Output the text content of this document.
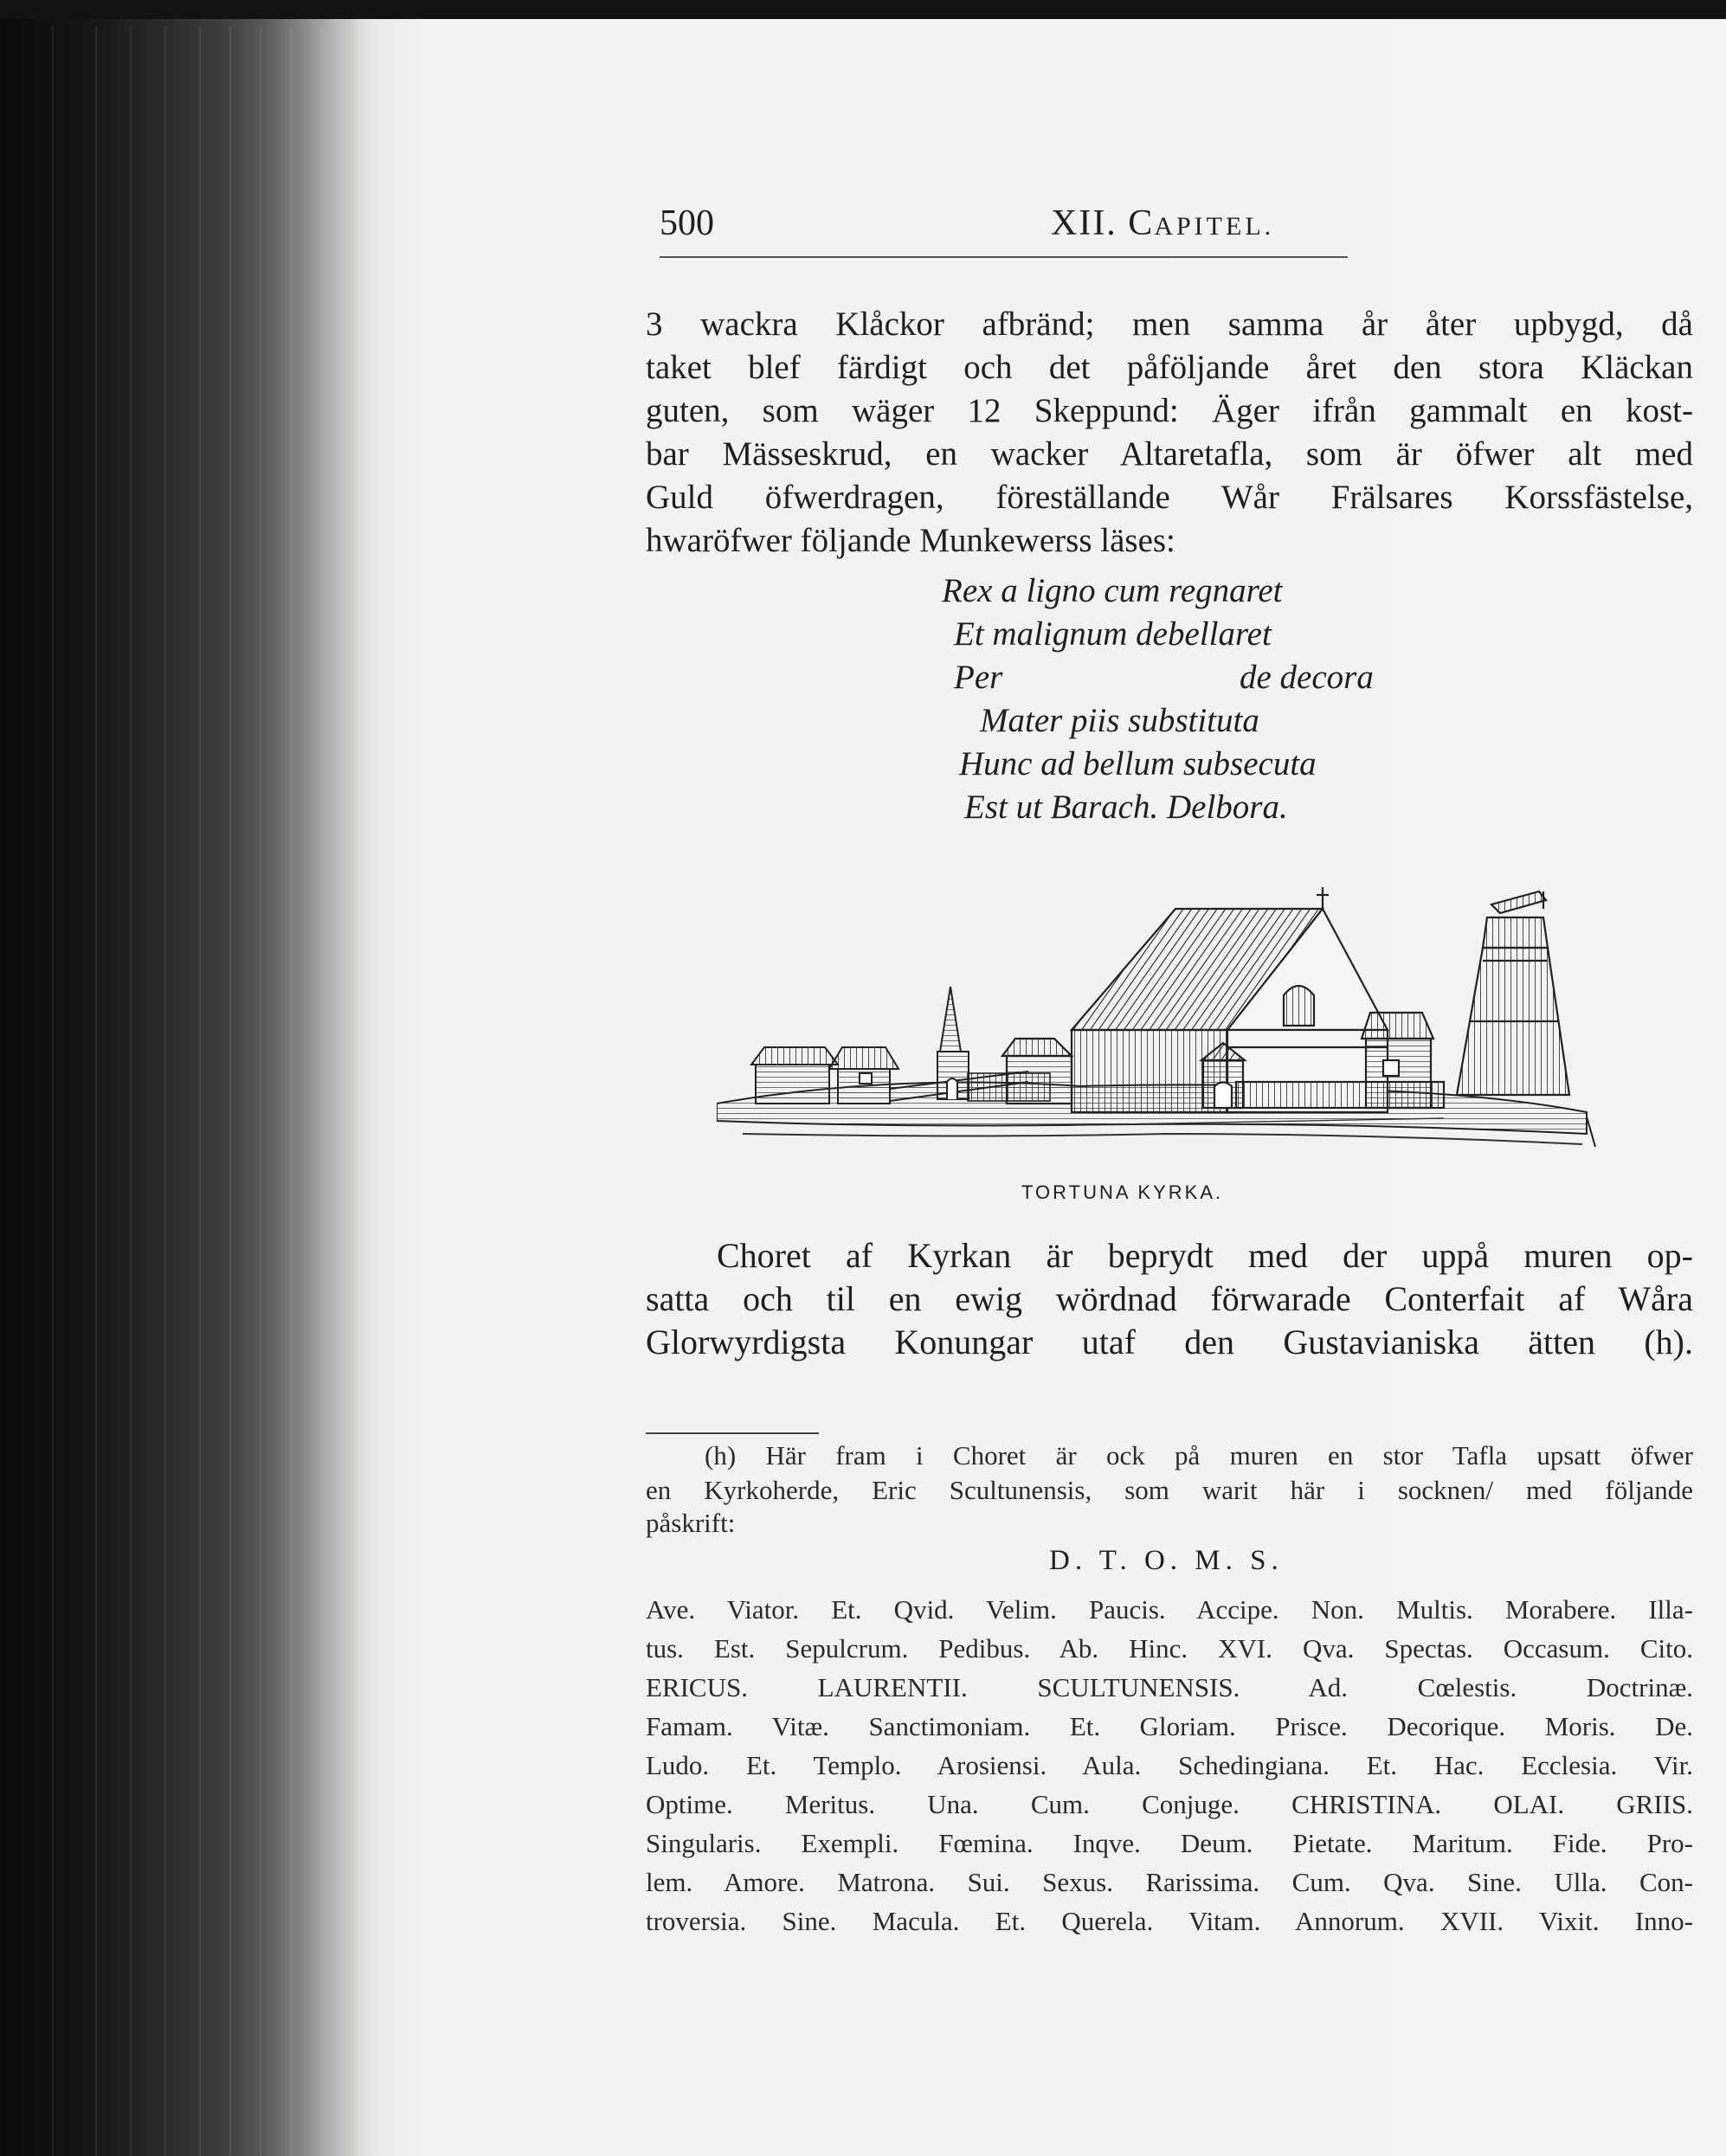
500	XII. CAPITEL.
3 wackra Klåckor afbränd; men samma år åter upbygd, då
taket blef färdigt och det påföljande året den stora Kläckan
guten, som wäger 12 Skeppund: Äger ifrån gammalt en kost-
bar Mässeskrud, en wacker Altaretafla, som är öfwer alt med
Guld öfwerdragen, föreställande Wår Frälsares Korssfästelse,
hwaröfwer följande Munkewerss läses:
Rex a ligno cum regnaret
Et malignum debellaret
Per	de decora
Mater piis substituta
Hunc ad bellum subsecuta
Est ut Barach. Delbora.
TORTUNA KYRKA.
Choret af Kyrkan är beprydt med der uppå muren op-
satta och til en ewig wördnad förwarade Conterfait af Wåra
Glorwyrdigsta Konungar utaf den Gustavianiska ätten (h).
(h) Här fram i Choret är ock på muren en stor Tafla upsatt öfwer
en Kyrkoherde, Eric Scultunensis, som warit här i socknen/ med följande
påskrift:
D. T. O. M. S.
Ave. Viator. Et. Qvid. Velim. Paucis. Accipe. Non. Multis. Morabere. Illa-
tus. Est. Sepulcrum. Pedibus. Ab. Hinc. XVI. Qva. Spectas. Occasum. Cito.
ERICUS. LAURENTII. SCULTUNENSIS. Ad. Cœlestis. Doctrinæ.
Famam. Vitæ. Sanctimoniam. Et. Gloriam. Prisce. Decorique. Moris. De.
Ludo. Et. Templo. Arosiensi. Aula. Schedingiana. Et. Hac. Ecclesia. Vir.
Optime. Meritus. Una. Cum. Conjuge. CHRISTINA. OLAI. GRIIS.
Singularis. Exempli. Fœmina. Inqve. Deum. Pietate. Maritum. Fide. Pro-
lem. Amore. Matrona. Sui. Sexus. Rarissima. Cum. Qva. Sine. Ulla. Con-
troversia. Sine. Macula. Et. Querela. Vitam. Annorum. XVII. Vixit. Inno-
